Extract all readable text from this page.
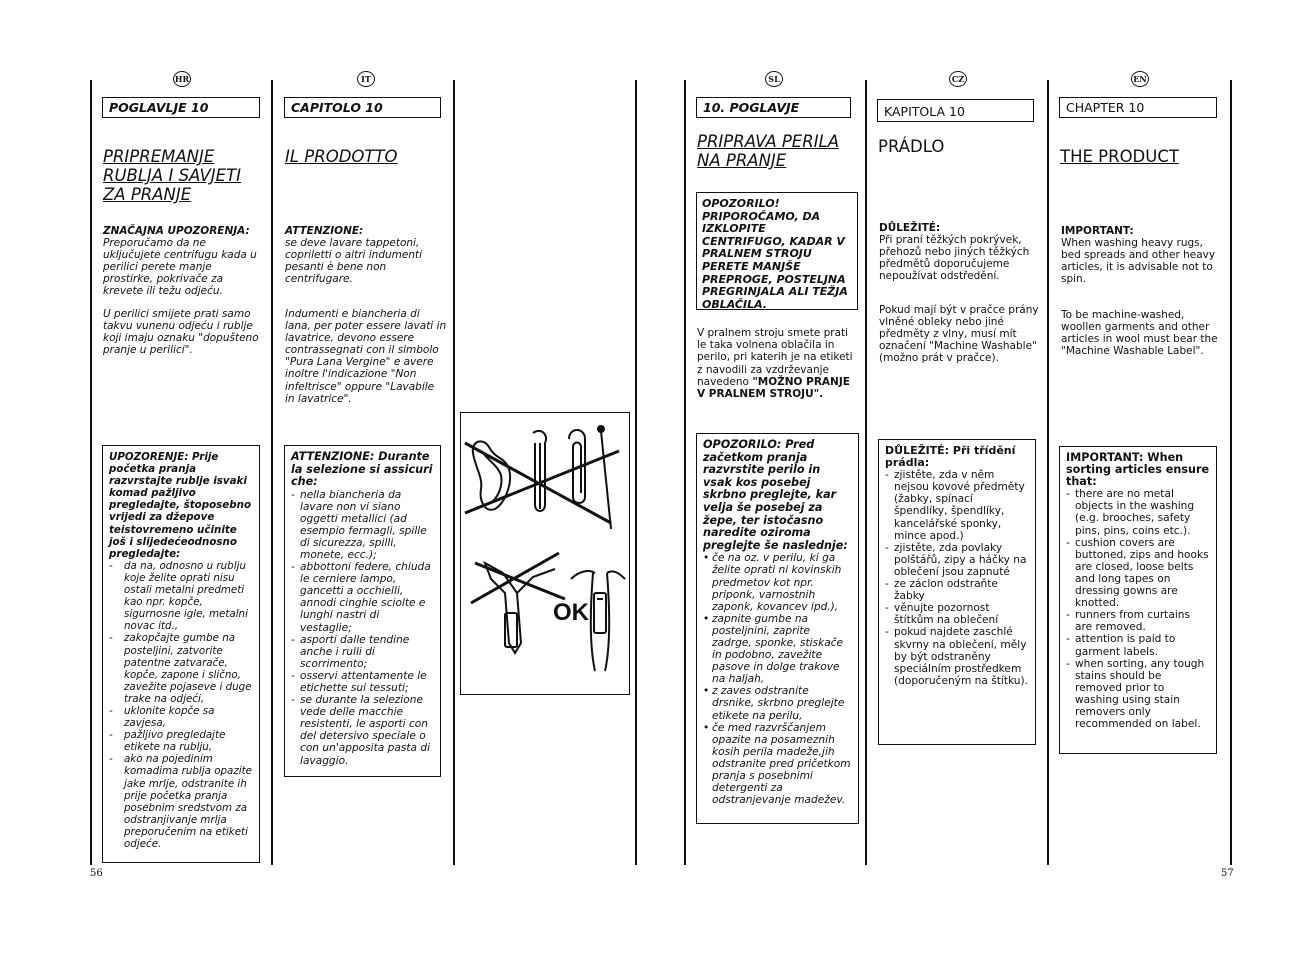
HR
POGLAVLJE 10
PRIPREMANJE RUBLJA I SAVJETI ZA PRANJE
ZNAČAJNA UPOZORENJA:
Preporučamo da ne uključujete centrifugu kada u perilici perete manje prostirke, pokrivače za krevete ili težu odjeću.
U perilici smijete prati samo takvu vunenu odjeću i rublje koji imaju oznaku "dopušteno pranje u perilici".
UPOZORENJE: Prije početka pranja razvrstajte rublje isvaki komad pažljivo pregledajte, štoposebno vrijedi za džepove teistovremeno učinite još i slijedećeodnosno pregledajte:
- da na, odnosno u rublju koje želite oprati nisu ostali metalni predmeti kao npr. kopče, sigurnosne igle, metalni novac itd.,
- zakopčajte gumbe na posteljini, zatvorite patentne zatvarače, kopče, zapone i slično, zavežite pojaseve i duge trake na odjeći,
- uklonite kopče sa zavjesa,
- pažljivo pregledajte etikete na rublju,
- ako na pojedinim komadima rublja opazite jake mrlje, odstranite ih prije početka pranja posebnim sredstvom za odstranjivanje mrlja preporučenim na etiketi odjeće.
56
IT
CAPITOLO 10
IL PRODOTTO
ATTENZIONE:
se deve lavare tappetoni, copriletti o altri indumenti pesanti è bene non centrifugare.
Indumenti e biancheria di lana, per poter essere lavati in lavatrice, devono essere contrassegnati con il simbolo "Pura Lana Vergine" e avere inoltre l'indicazione "Non infeltrisce" oppure "Lavabile in lavatrice".
ATTENZIONE: Durante la selezione si assicuri che:
- nella biancheria da lavare non vi siano oggetti metallici (ad esempio fermagli, spille di sicurezza, spilli, monete, ecc.);
- abbottoni federe, chiuda le cerniere lampo, gancetti a occhielli, annodi cinghie sciolte e lunghi nastri di vestaglie;
- asporti dalle tendine anche i rulli di scorrimento;
- osservi attentamente le etichette sui tessuti;
- se durante la selezione vede delle macchie resistenti, le asporti con del detersivo speciale o con un'apposita pasta di lavaggio.
OK
SL
10. POGLAVJE
PRIPRAVA PERILA NA PRANJE
OPOZORILO! PRIPOROČAMO, DA IZKLOPITE CENTRIFUGO, KADAR V PRALNEM STROJU PERETE MANJŠE PREPROGE, POSTELJNA PREGRINJALA ALI TEŽJA OBLAČILA.
V pralnem stroju smete prati le taka volnena oblačila in perilo, pri katerih je na etiketi z navodili za vzdrževanje navedeno "MOŽNO PRANJE V PRALNEM STROJU".
OPOZORILO: Pred začetkom pranja razvrstite perilo in vsak kos posebej skrbno preglejte, kar velja še posebej za žepe, ter istočasno naredite oziroma preglejte še naslednje:
• če na oz. v perilu, ki ga želite oprati ni kovinskih predmetov kot npr. priponk, varnostnih zaponk, kovancev ipd.),
• zapnite gumbe na posteljnini, zaprite zadrge, sponke, stiskače in podobno, zavežite pasove in dolge trakove na haljah,
• z zaves odstranite drsnike, skrbno preglejte etikete na perilu,
• če med razvrščanjem opazite na posameznih kosih perila madeže,jih odstranite pred pričetkom pranja s posebnimi detergenti za odstranjevanje madežev.
CZ
KAPITOLA 10
PRÁDLO
DŮLEŽITÉ:
Při praní těžkých pokrývek, přehozů nebo jiných těžkých předmětů doporučujeme nepoužívat odstředění.
Pokud mají být v pračce prány vlněné obleky nebo jiné předměty z vlny, musí mít označení "Machine Washable" (možno prát v pračce).
DŮLEŽITÉ: Při třídění prádla:
- zjistěte, zda v něm nejsou kovové předměty (žabky, spínací špendlíky, špendlíky, kancelářské sponky, mince apod.)
- zjistěte, zda povlaky polštářů, zipy a háčky na oblečení jsou zapnuté
- ze záclon odstraňte žabky
- věnujte pozornost štítkům na oblečení
- pokud najdete zaschlé skvrny na oblečení, měly by být odstraněny speciálním prostředkem (doporučeným na štítku).
EN
CHAPTER 10
THE PRODUCT
IMPORTANT:
When washing heavy rugs, bed spreads and other heavy articles, it is advisable not to spin.
To be machine-washed, woollen garments and other articles in wool must bear the "Machine Washable Label".
IMPORTANT: When sorting articles ensure that:
- there are no metal objects in the washing (e.g. brooches, safety pins, pins, coins etc.).
- cushion covers are buttoned, zips and hooks are closed, loose belts and long tapes on dressing gowns are knotted.
- runners from curtains are removed.
- attention is paid to garment labels.
- when sorting, any tough stains should be removed prior to washing using stain removers only recommended on label.
57
